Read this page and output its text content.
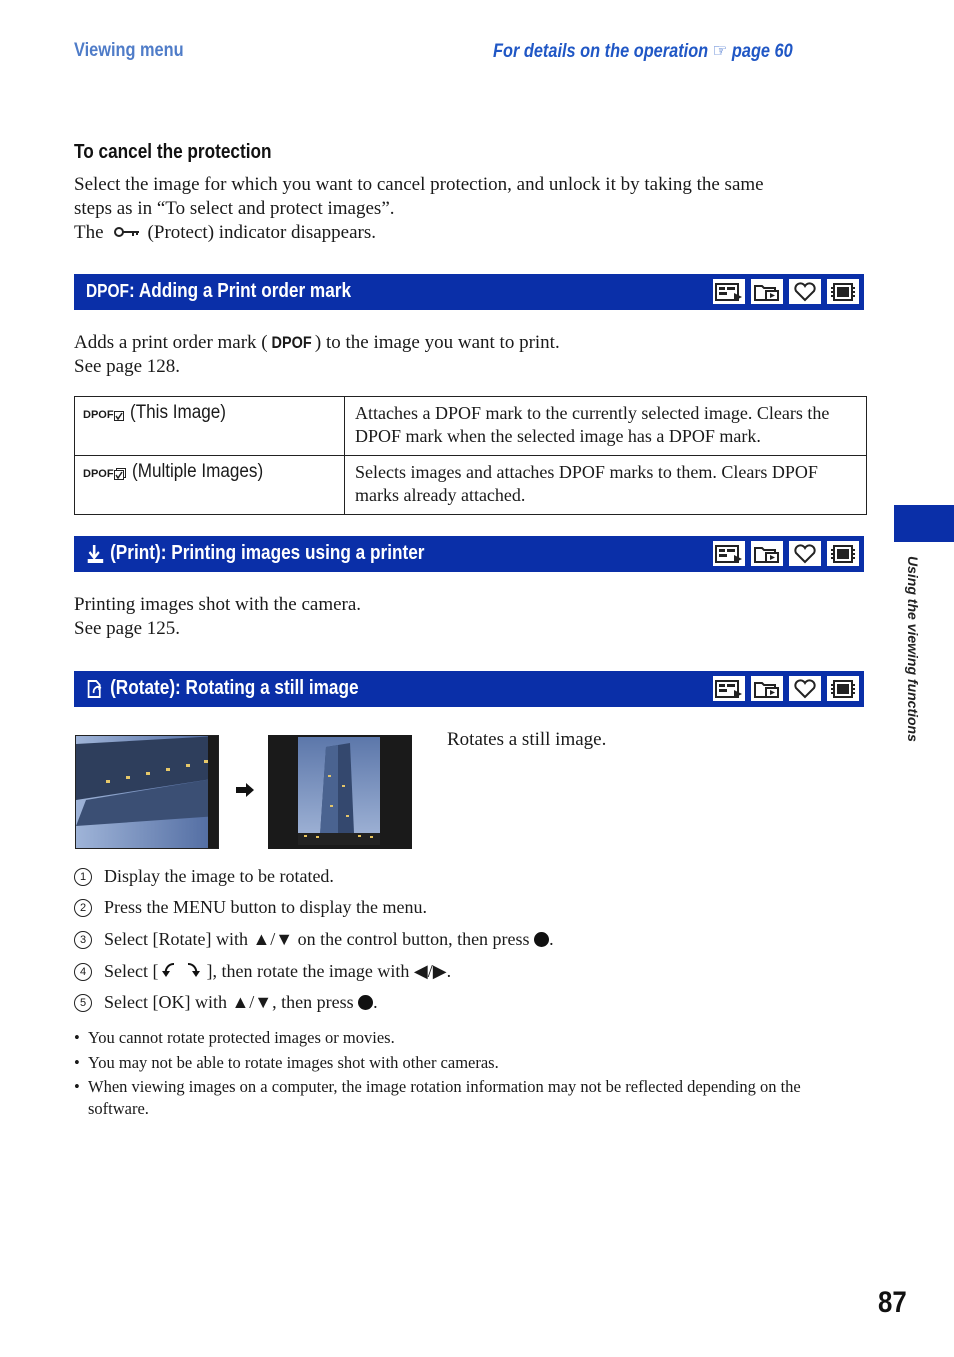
Viewing menu	For details on the operation ☞ page 60
To cancel the protection
Select the image for which you want to cancel protection, and unlock it by taking the same
steps as in “To select and protect images”.
The (Protect) indicator disappears.
DPOF : Adding a Print order mark
Adds a print order mark ( DPOF ) to the image you want to print.
See page 128.
DPOF (This Image)	Attaches a DPOF mark to the currently selected image. Clears the DPOF mark when the selected image has a DPOF mark.

DPOF (Multiple Images)	Selects images and attaches DPOF marks to them. Clears DPOF marks already attached.
(Print): Printing images using a printer
Printing images shot with the camera.
See page 125.
(Rotate): Rotating a still image
Rotates a still image.
1 Display the image to be rotated.
2 Press the MENU button to display the menu.
3 Select [Rotate] with ▲/▼ on the control button, then press
.
4 Select [	], then rotate the image with ◀/▶.
5 Select [OK] with ▲/▼, then press
.
• You cannot rotate protected images or movies.
• You may not be able to rotate images shot with other cameras.
• When viewing images on a computer, the image rotation information may not be reflected depending on the software.
Using the viewing functions
87
